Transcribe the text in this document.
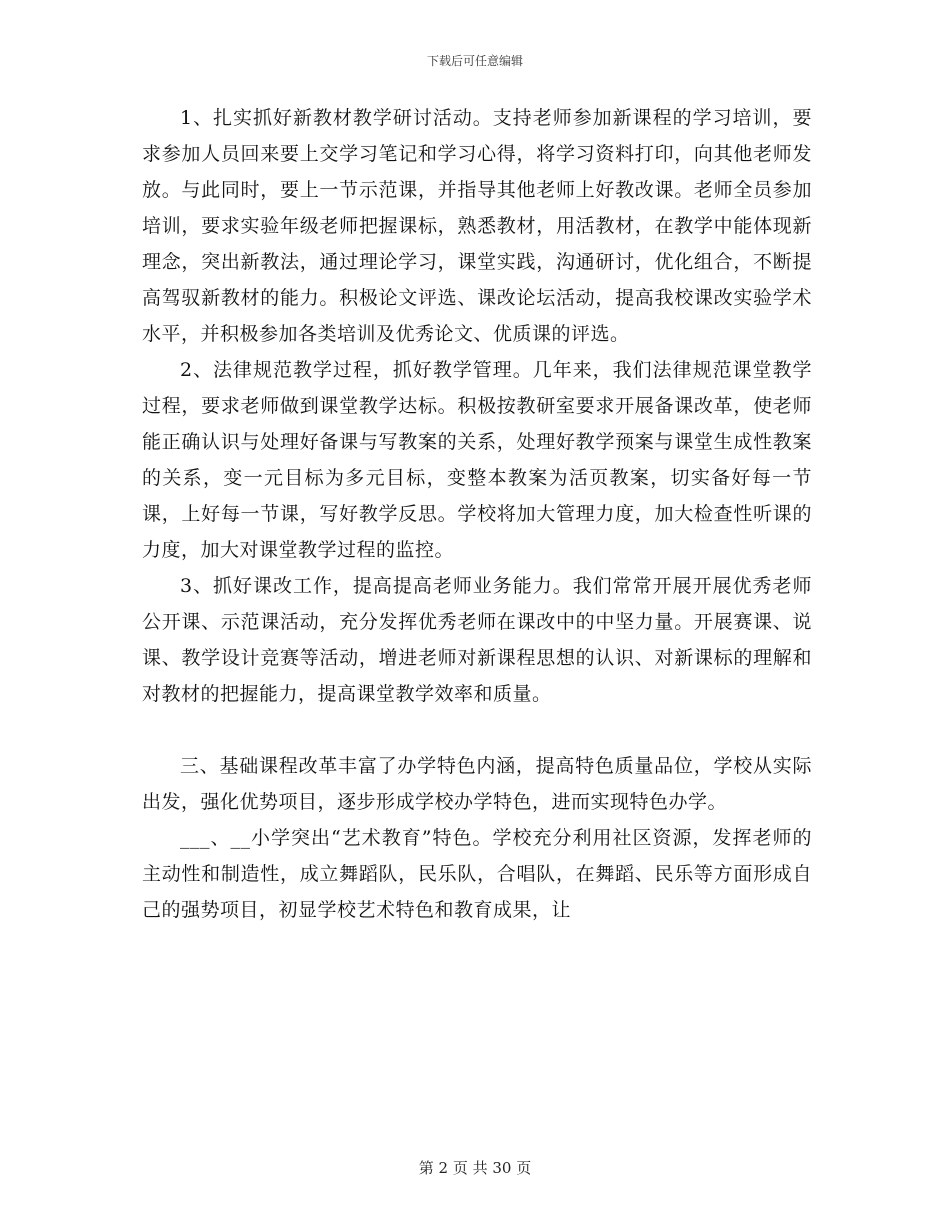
下载后可任意编辑

1、扎实抓好新教材教学研讨活动。支持老师参加新课程的学习培训，要求参加人员回来要上交学习笔记和学习心得，将学习资料打印，向其他老师发放。与此同时，要上一节示范课，并指导其他老师上好教改课。老师全员参加培训，要求实验年级老师把握课标，熟悉教材，用活教材，在教学中能体现新理念，突出新教法，通过理论学习，课堂实践，沟通研讨，优化组合，不断提高驾驭新教材的能力。积极论文评选、课改论坛活动，提高我校课改实验学术水平，并积极参加各类培训及优秀论文、优质课的评选。

2、法律规范教学过程，抓好教学管理。几年来，我们法律规范课堂教学过程，要求老师做到课堂教学达标。积极按教研室要求开展备课改革，使老师能正确认识与处理好备课与写教案的关系，处理好教学预案与课堂生成性教案的关系，变一元目标为多元目标，变整本教案为活页教案，切实备好每一节课，上好每一节课，写好教学反思。学校将加大管理力度，加大检查性听课的力度，加大对课堂教学过程的监控。

3、抓好课改工作，提高提高老师业务能力。我们常常开展开展优秀老师公开课、示范课活动，充分发挥优秀老师在课改中的中坚力量。开展赛课、说课、教学设计竞赛等活动，增进老师对新课程思想的认识、对新课标的理解和对教材的把握能力，提高课堂教学效率和质量。

三、基础课程改革丰富了办学特色内涵，提高特色质量品位，学校从实际出发，强化优势项目，逐步形成学校办学特色，进而实现特色办学。

___、__小学突出“艺术教育”特色。学校充分利用社区资源，发挥老师的主动性和制造性，成立舞蹈队，民乐队，合唱队，在舞蹈、民乐等方面形成自己的强势项目，初显学校艺术特色和教育成果，让

第 2 页 共 30 页
